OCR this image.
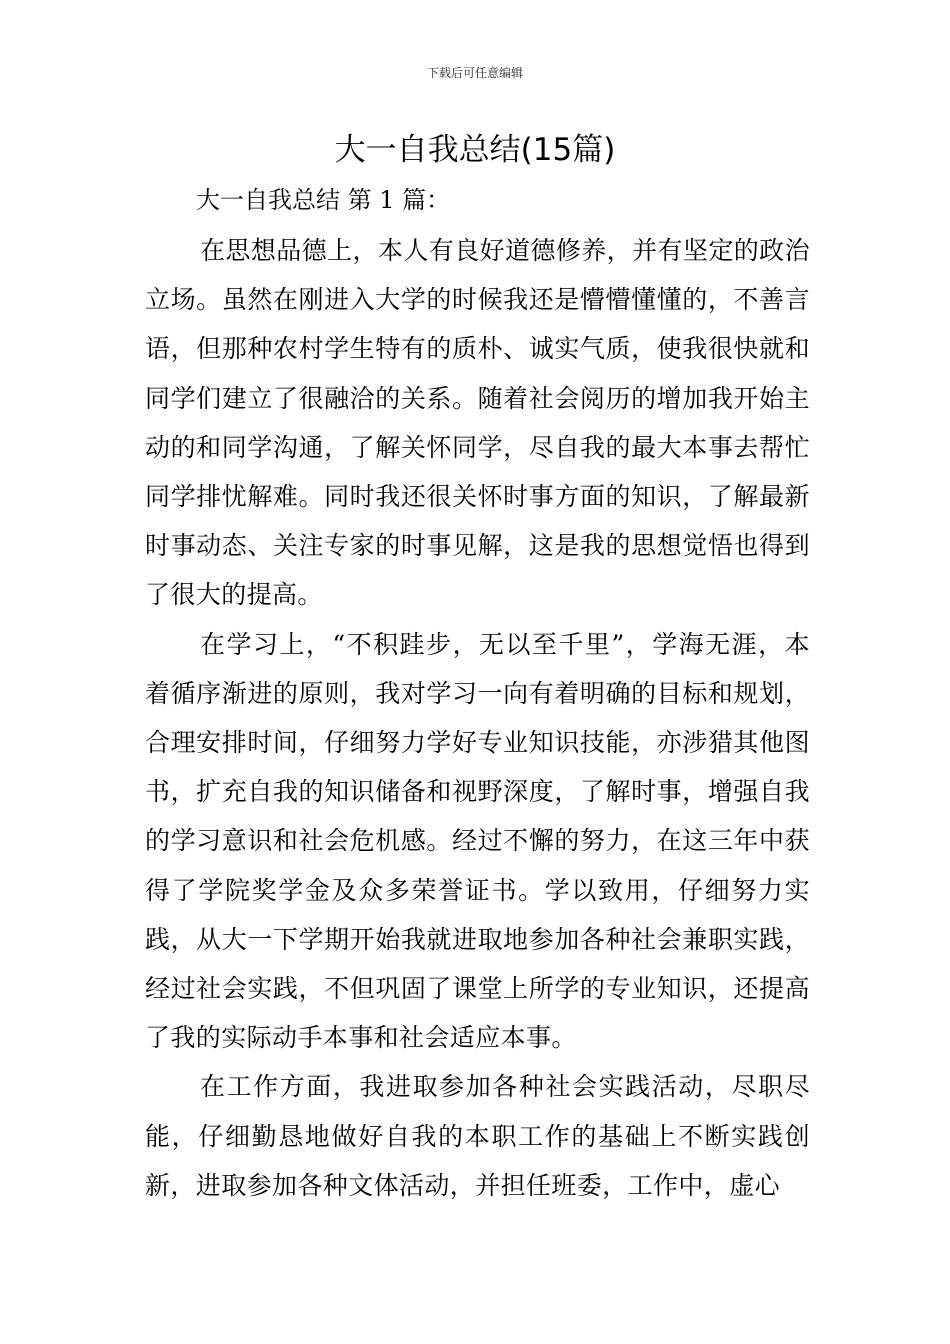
下载后可任意编辑
大一自我总结(15篇)
大一自我总结 第 1 篇：

在思想品德上，本人有良好道德修养，并有坚定的政治立场。虽然在刚进入大学的时候我还是懵懵懂懂的，不善言语，但那种农村学生特有的质朴、诚实气质，使我很快就和同学们建立了很融洽的关系。随着社会阅历的增加我开始主动的和同学沟通，了解关怀同学，尽自我的最大本事去帮忙同学排忧解难。同时我还很关怀时事方面的知识，了解最新时事动态、关注专家的时事见解，这是我的思想觉悟也得到了很大的提高。

在学习上，“不积跬步，无以至千里”，学海无涯，本着循序渐进的原则，我对学习一向有着明确的目标和规划，合理安排时间，仔细努力学好专业知识技能，亦涉猎其他图书，扩充自我的知识储备和视野深度，了解时事，增强自我的学习意识和社会危机感。经过不懈的努力，在这三年中获得了学院奖学金及众多荣誉证书。学以致用，仔细努力实践，从大一下学期开始我就进取地参加各种社会兼职实践，经过社会实践，不但巩固了课堂上所学的专业知识，还提高了我的实际动手本事和社会适应本事。

在工作方面，我进取参加各种社会实践活动，尽职尽能，仔细勤恳地做好自我的本职工作的基础上不断实践创新，进取参加各种文体活动，并担任班委，工作中，虚心
